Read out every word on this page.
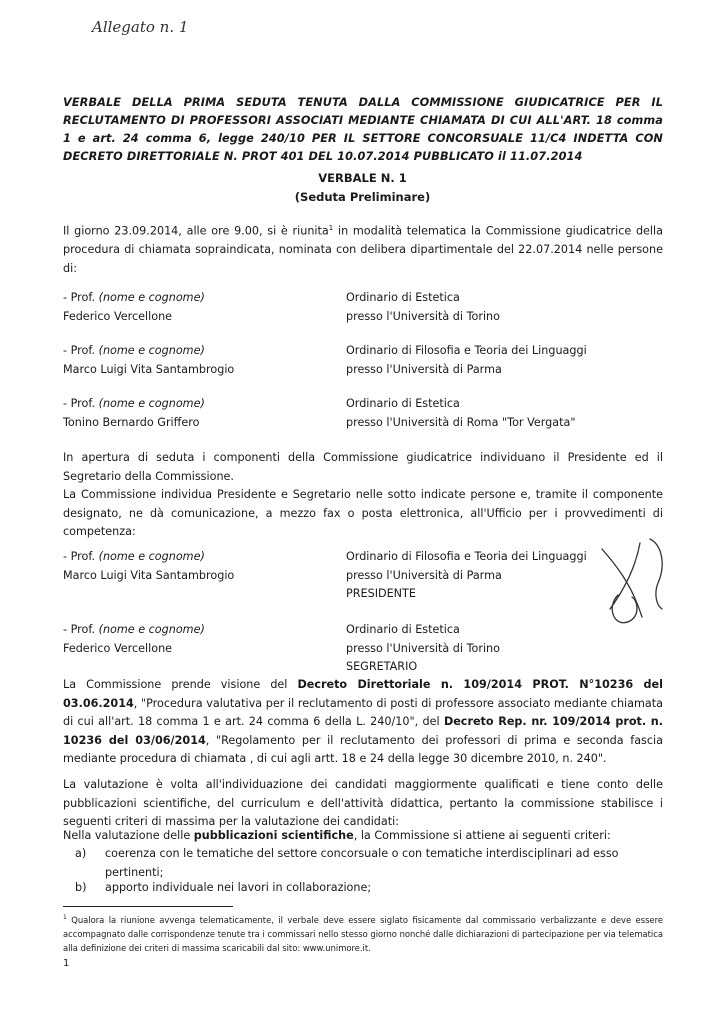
Allegato n. 1
VERBALE DELLA PRIMA SEDUTA TENUTA DALLA COMMISSIONE GIUDICATRICE PER IL RECLUTAMENTO DI PROFESSORI ASSOCIATI MEDIANTE CHIAMATA DI CUI ALL'ART. 18 comma 1 e art. 24 comma 6, legge 240/10 PER IL SETTORE CONCORSUALE 11/C4 INDETTA CON DECRETO DIRETTORIALE N. PROT 401 DEL 10.07.2014 PUBBLICATO il 11.07.2014
VERBALE N. 1
(Seduta Preliminare)
Il giorno 23.09.2014, alle ore 9.00, si è riunita$^1$ in modalità telematica la Commissione giudicatrice della procedura di chiamata sopraindicata, nominata con delibera dipartimentale del 22.07.2014 nelle persone di:
- Prof. (nome e cognome)
Federico Vercellone
Ordinario di Estetica
presso l'Università di Torino
- Prof. (nome e cognome)
Marco Luigi Vita Santambrogio
Ordinario di Filosofia e Teoria dei Linguaggi
presso l'Università di Parma
- Prof. (nome e cognome)
Tonino Bernardo Griffero
Ordinario di Estetica
presso l'Università di Roma "Tor Vergata"
In apertura di seduta i componenti della Commissione giudicatrice individuano il Presidente ed il Segretario della Commissione.
La Commissione individua Presidente e Segretario nelle sotto indicate persone e, tramite il componente designato, ne dà comunicazione, a mezzo fax o posta elettronica, all'Ufficio per i provvedimenti di competenza:
- Prof. (nome e cognome)
Marco Luigi Vita Santambrogio
Ordinario di Filosofia e Teoria dei Linguaggi
presso l'Università di Parma
PRESIDENTE
- Prof. (nome e cognome)
Federico Vercellone
Ordinario di Estetica
presso l'Università di Torino
SEGRETARIO
La Commissione prende visione del Decreto Direttoriale n. 109/2014 PROT. N°10236 del 03.06.2014, "Procedura valutativa per il reclutamento di posti di professore associato mediante chiamata di cui all'art. 18 comma 1 e art. 24 comma 6 della L. 240/10", del Decreto Rep. nr. 109/2014 prot. n. 10236 del 03/06/2014, "Regolamento per il reclutamento dei professori di prima e seconda fascia mediante procedura di chiamata , di cui agli artt. 18 e 24 della legge 30 dicembre 2010, n. 240".
La valutazione è volta all'individuazione dei candidati maggiormente qualificati e tiene conto delle pubblicazioni scientifiche, del curriculum e dell'attività didattica, pertanto la commissione stabilisce i seguenti criteri di massima per la valutazione dei candidati:
Nella valutazione delle pubblicazioni scientifiche, la Commissione si attiene ai seguenti criteri:
a)	coerenza con le tematiche del settore concorsuale o con tematiche interdisciplinari ad esso pertinenti;
b)	apporto individuale nei lavori in collaborazione;
$^1$ Qualora la riunione avvenga telematicamente, il verbale deve essere siglato fisicamente dal commissario verbalizzante e deve essere accompagnato dalle corrispondenze tenute tra i commissari nello stesso giorno nonché dalle dichiarazioni di partecipazione per via telematica alla definizione dei criteri di massima scaricabili dal sito: www.unimore.it.
1
